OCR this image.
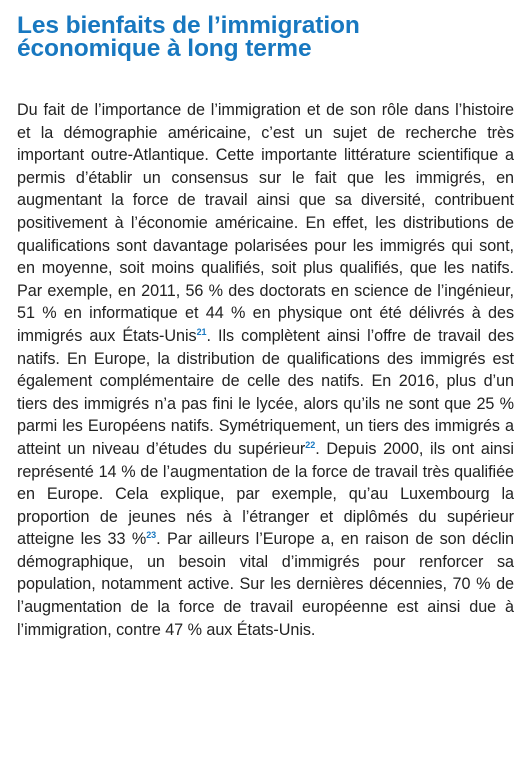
Les bienfaits de l’immigration
économique à long terme

Du fait de l’importance de l’immigration et de son rôle dans l’histoire et la démographie américaine, c’est un sujet de recherche très important outre-Atlantique. Cette importante littérature scientifique a permis d’établir un consensus sur le fait que les immigrés, en augmentant la force de travail ainsi que sa diversité, contribuent positivement à l’économie américaine. En effet, les distributions de qualifications sont davantage polarisées pour les immigrés qui sont, en moyenne, soit moins qualifiés, soit plus qualifiés, que les natifs. Par exemple, en 2011, 56 % des doctorats en science de l’ingénieur, 51 % en informatique et 44 % en physique ont été délivrés à des immigrés aux États-Unis$^{21}$. Ils complètent ainsi l’offre de travail des natifs. En Europe, la distribution de qualifications des immigrés est également complémentaire de celle des natifs. En 2016, plus d’un tiers des immigrés n’a pas fini le lycée, alors qu’ils ne sont que 25 % parmi les Européens natifs. Symétriquement, un tiers des immigrés a atteint un niveau d’études du supérieur$^{22}$. Depuis 2000, ils ont ainsi représenté 14 % de l’augmentation de la force de travail très qualifiée en Europe. Cela explique, par exemple, qu’au Luxembourg la proportion de jeunes nés à l’étranger et diplômés du supérieur atteigne les 33 %$^{23}$. Par ailleurs l’Europe a, en raison de son déclin démographique, un besoin vital d’immigrés pour renforcer sa population, notamment active. Sur les dernières décennies, 70 % de l’augmentation de la force de travail européenne est ainsi due à l’immigration, contre 47 % aux États-Unis.
